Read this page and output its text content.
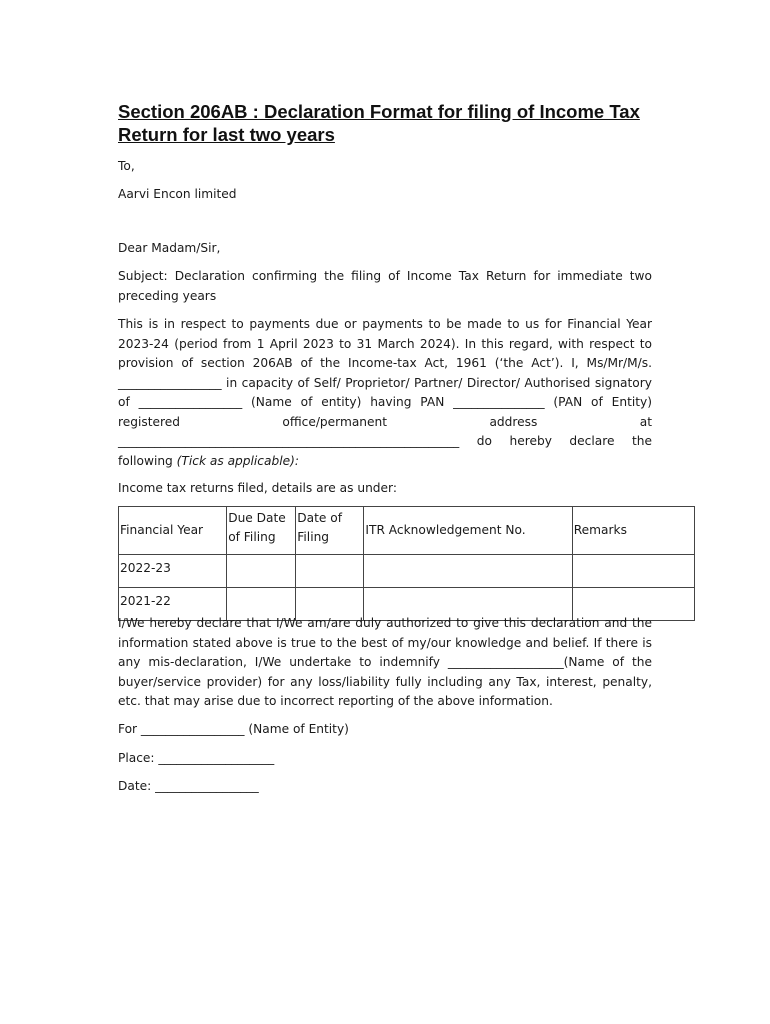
Section 206AB : Declaration Format for filing of Income Tax Return for last two years

To,

Aarvi Encon limited

Dear Madam/Sir,

Subject: Declaration confirming the filing of Income Tax Return for immediate two preceding years

This is in respect to payments due or payments to be made to us for Financial Year 2023-24 (period from 1 April 2023 to 31 March 2024). In this regard, with respect to provision of section 206AB of the Income-tax Act, 1961 (‘the Act’). I, Ms/Mr/M/s. _________________ in capacity of Self/ Proprietor/ Partner/ Director/ Authorised signatory of _________________ (Name of entity) having PAN _______________ (PAN of Entity) registered office/permanent address at ________________________________________________________ do hereby declare the following (Tick as applicable):

Income tax returns filed, details are as under:

Financial Year	Due Date of Filing	Date of Filing	ITR Acknowledgement No.	Remarks
2022-23				
2021-22				

I/We hereby declare that I/We am/are duly authorized to give this declaration and the information stated above is true to the best of my/our knowledge and belief. If there is any mis-declaration, I/We undertake to indemnify ___________________(Name of the buyer/service provider) for any loss/liability fully including any Tax, interest, penalty, etc. that may arise due to incorrect reporting of the above information.

For _________________ (Name of Entity)

Place: ___________________

Date: _________________
